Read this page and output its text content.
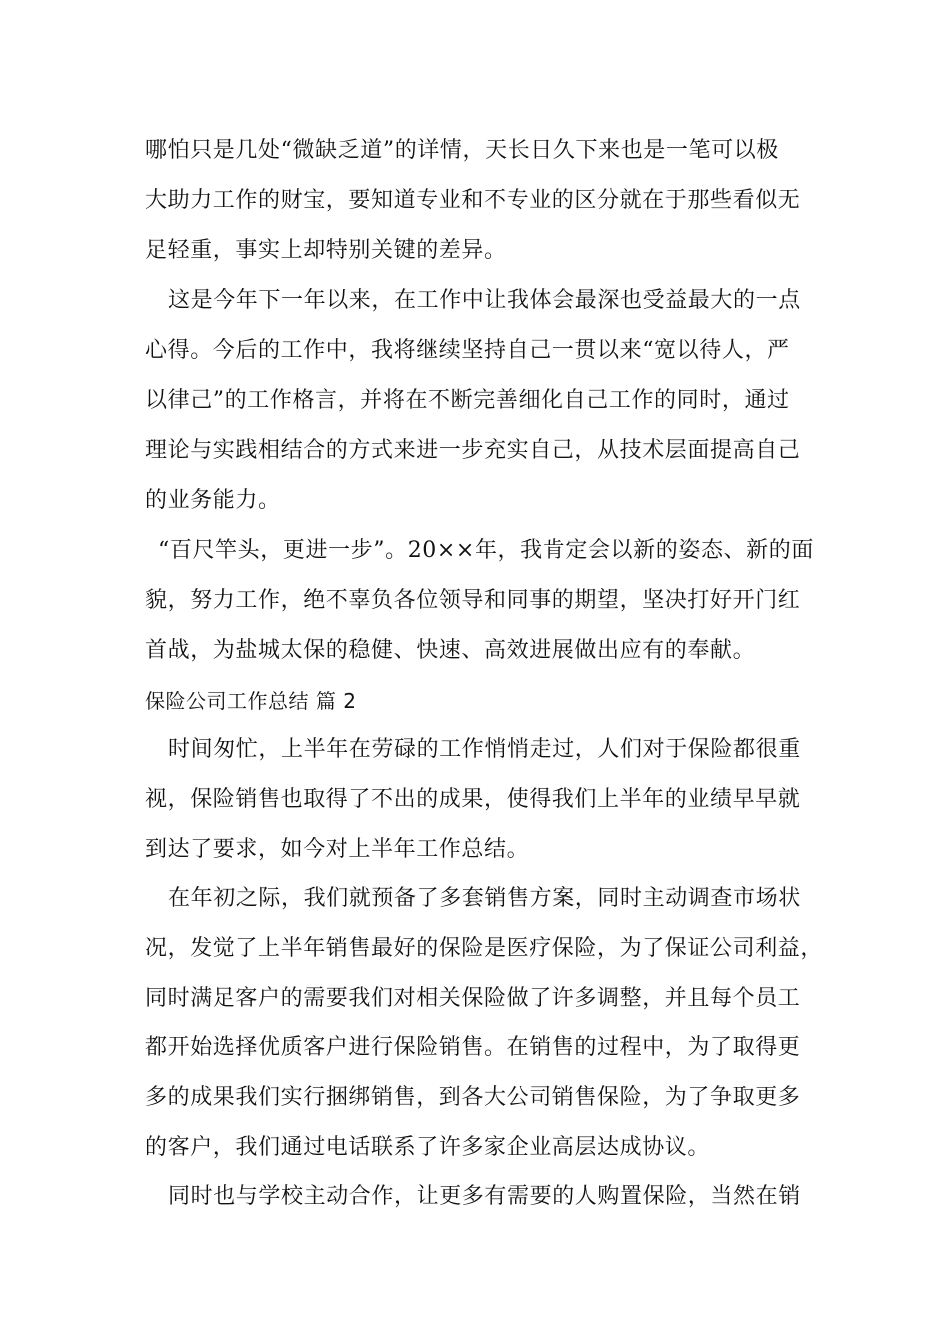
哪怕只是几处“微缺乏道”的详情，天长日久下来也是一笔可以极
大助力工作的财宝，要知道专业和不专业的区分就在于那些看似无
足轻重，事实上却特别关键的差异。
这是今年下一年以来，在工作中让我体会最深也受益最大的一点
心得。今后的工作中，我将继续坚持自己一贯以来“宽以待人，严
以律己”的工作格言，并将在不断完善细化自己工作的同时，通过
理论与实践相结合的方式来进一步充实自己，从技术层面提高自己
的业务能力。
“百尺竿头，更进一步”。20××年，我肯定会以新的姿态、新的面
貌，努力工作，绝不辜负各位领导和同事的期望，坚决打好开门红
首战，为盐城太保的稳健、快速、高效进展做出应有的奉献。
保险公司工作总结 篇 2
时间匆忙，上半年在劳碌的工作悄悄走过，人们对于保险都很重
视，保险销售也取得了不出的成果，使得我们上半年的业绩早早就
到达了要求，如今对上半年工作总结。
在年初之际，我们就预备了多套销售方案，同时主动调查市场状
况，发觉了上半年销售最好的保险是医疗保险，为了保证公司利益，
同时满足客户的需要我们对相关保险做了许多调整，并且每个员工
都开始选择优质客户进行保险销售。在销售的过程中，为了取得更
多的成果我们实行捆绑销售，到各大公司销售保险，为了争取更多
的客户，我们通过电话联系了许多家企业高层达成协议。
同时也与学校主动合作，让更多有需要的人购置保险，当然在销
